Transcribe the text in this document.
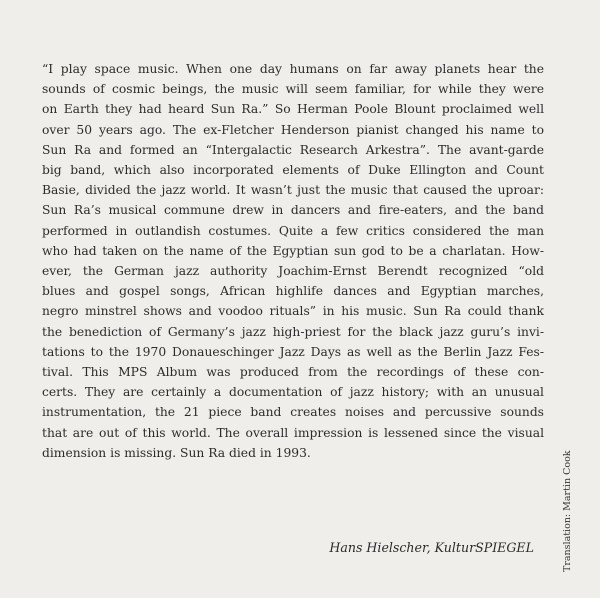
“I play space music. When one day humans on far away planets hear the
sounds of cosmic beings, the music will seem familiar, for while they were
on Earth they had heard Sun Ra.” So Herman Poole Blount proclaimed well
over 50 years ago. The ex-Fletcher Henderson pianist changed his name to
Sun Ra and formed an “Intergalactic Research Arkestra”. The avant-garde
big band, which also incorporated elements of Duke Ellington and Count
Basie, divided the jazz world. It wasn’t just the music that caused the uproar:
Sun Ra’s musical commune drew in dancers and fire-eaters, and the band
performed in outlandish costumes. Quite a few critics considered the man
who had taken on the name of the Egyptian sun god to be a charlatan. How-
ever, the German jazz authority Joachim-Ernst Berendt recognized “old
blues and gospel songs, African highlife dances and Egyptian marches,
negro minstrel shows and voodoo rituals” in his music. Sun Ra could thank
the benediction of Germany’s jazz high-priest for the black jazz guru’s invi-
tations to the 1970 Donaueschinger Jazz Days as well as the Berlin Jazz Fes-
tival. This MPS Album was produced from the recordings of these con-
certs. They are certainly a documentation of jazz history; with an unusual
instrumentation, the 21 piece band creates noises and percussive sounds
that are out of this world. The overall impression is lessened since the visual
dimension is missing. Sun Ra died in 1993.

Hans Hielscher, KulturSPIEGEL	Translation: Martin Cook
